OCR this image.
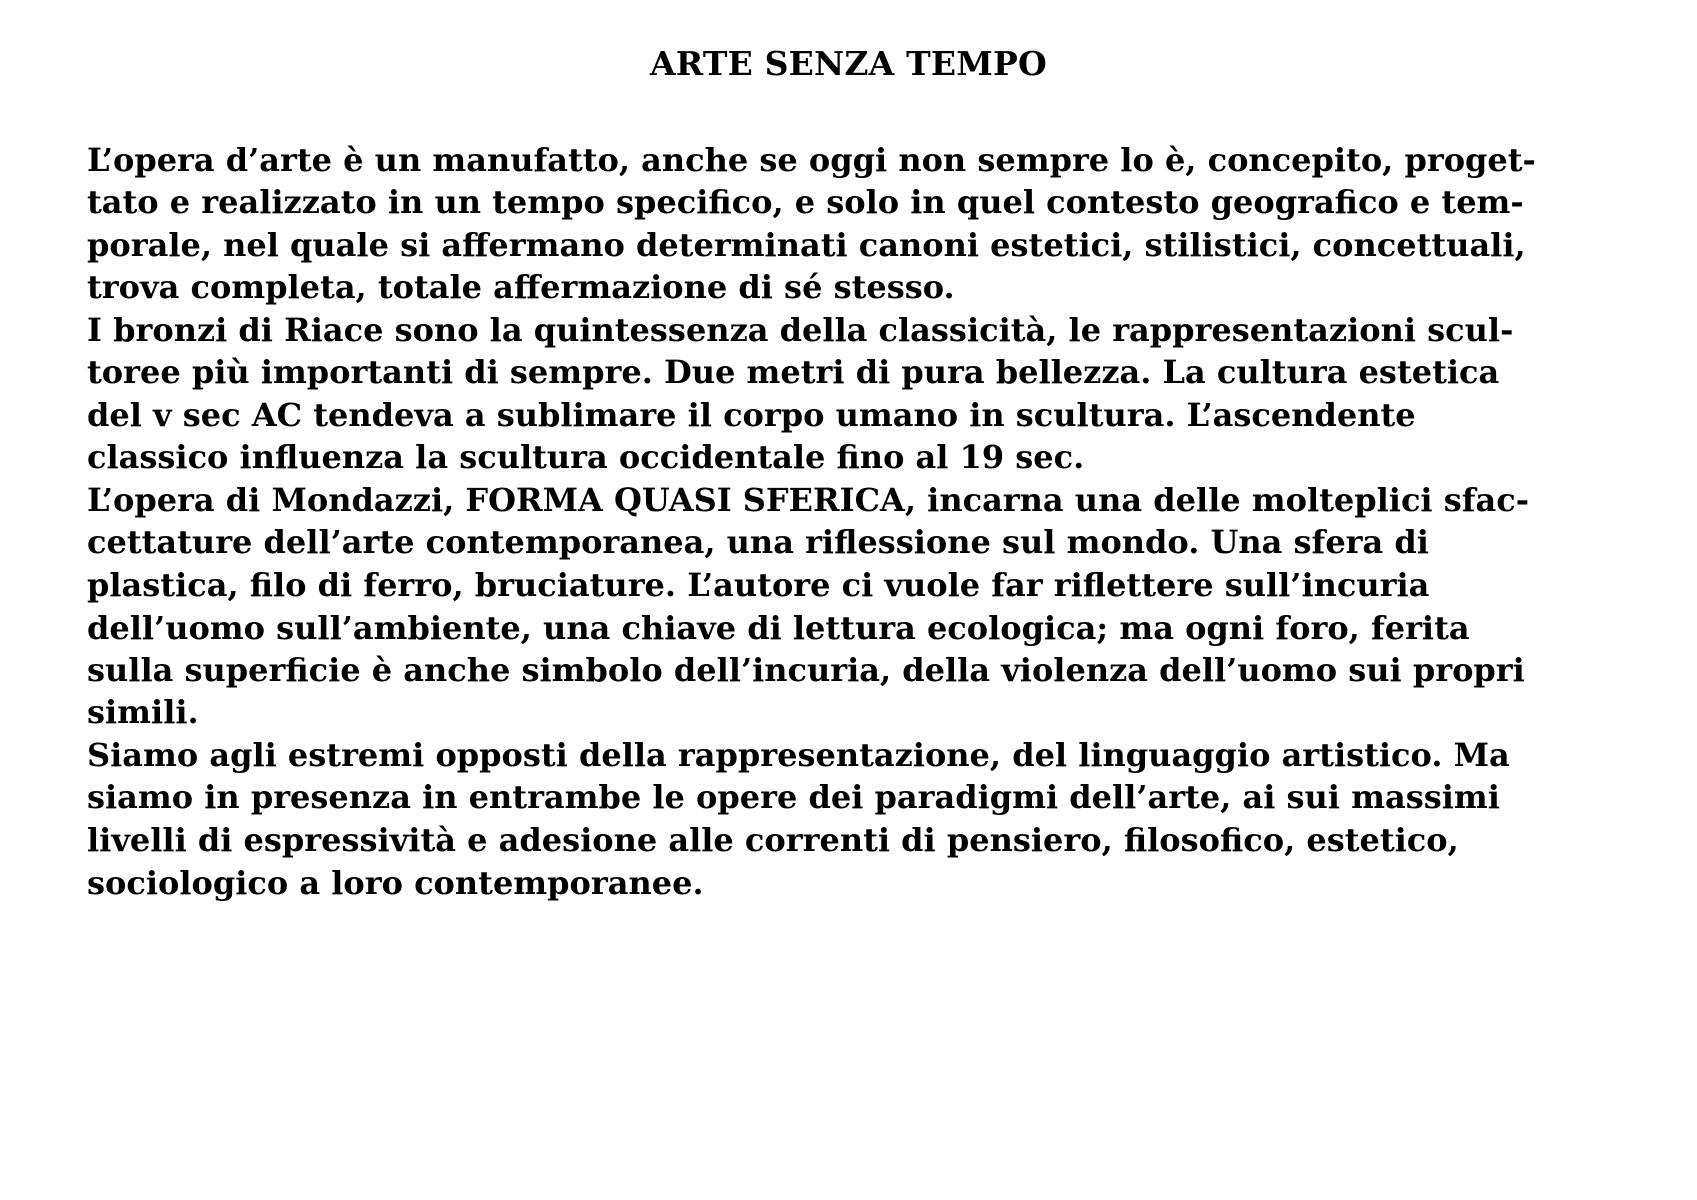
ARTE SENZA TEMPO
L’opera d’arte è un manufatto, anche se oggi non sempre lo è, concepito, proget-
tato e realizzato in un tempo specifico, e solo in quel contesto geografico e tem-
porale, nel quale si affermano determinati canoni estetici, stilistici, concettuali,
trova completa, totale affermazione di sé stesso.
I bronzi di Riace sono la quintessenza della classicità, le rappresentazioni scul-
toree più importanti di sempre. Due metri di pura bellezza. La cultura estetica
del v sec AC tendeva a sublimare il corpo umano in scultura. L’ascendente
classico influenza la scultura occidentale fino al 19 sec.
L’opera di Mondazzi, FORMA QUASI SFERICA, incarna una delle molteplici sfac-
cettature dell’arte contemporanea, una riflessione sul mondo. Una sfera di
plastica, filo di ferro, bruciature. L’autore ci vuole far riflettere sull’incuria
dell’uomo sull’ambiente, una chiave di lettura ecologica; ma ogni foro, ferita
sulla superficie è anche simbolo dell’incuria, della violenza dell’uomo sui propri
simili.
Siamo agli estremi opposti della rappresentazione, del linguaggio artistico. Ma
siamo in presenza in entrambe le opere dei paradigmi dell’arte, ai sui massimi
livelli di espressività e adesione alle correnti di pensiero, filosofico, estetico,
sociologico a loro contemporanee.
